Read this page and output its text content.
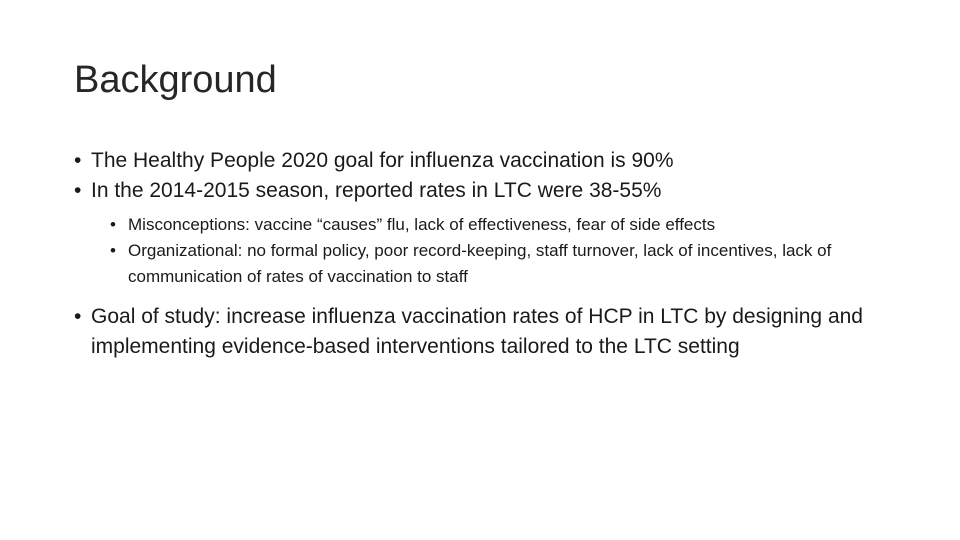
Background
• The Healthy People 2020 goal for influenza vaccination is 90%
• In the 2014-2015 season, reported rates in LTC were 38-55%
• Misconceptions: vaccine “causes” flu, lack of effectiveness, fear of side effects
• Organizational: no formal policy, poor record-keeping, staff turnover, lack of incentives, lack of communication of rates of vaccination to staff
• Goal of study: increase influenza vaccination rates of HCP in LTC by designing and implementing evidence-based interventions tailored to the LTC setting
